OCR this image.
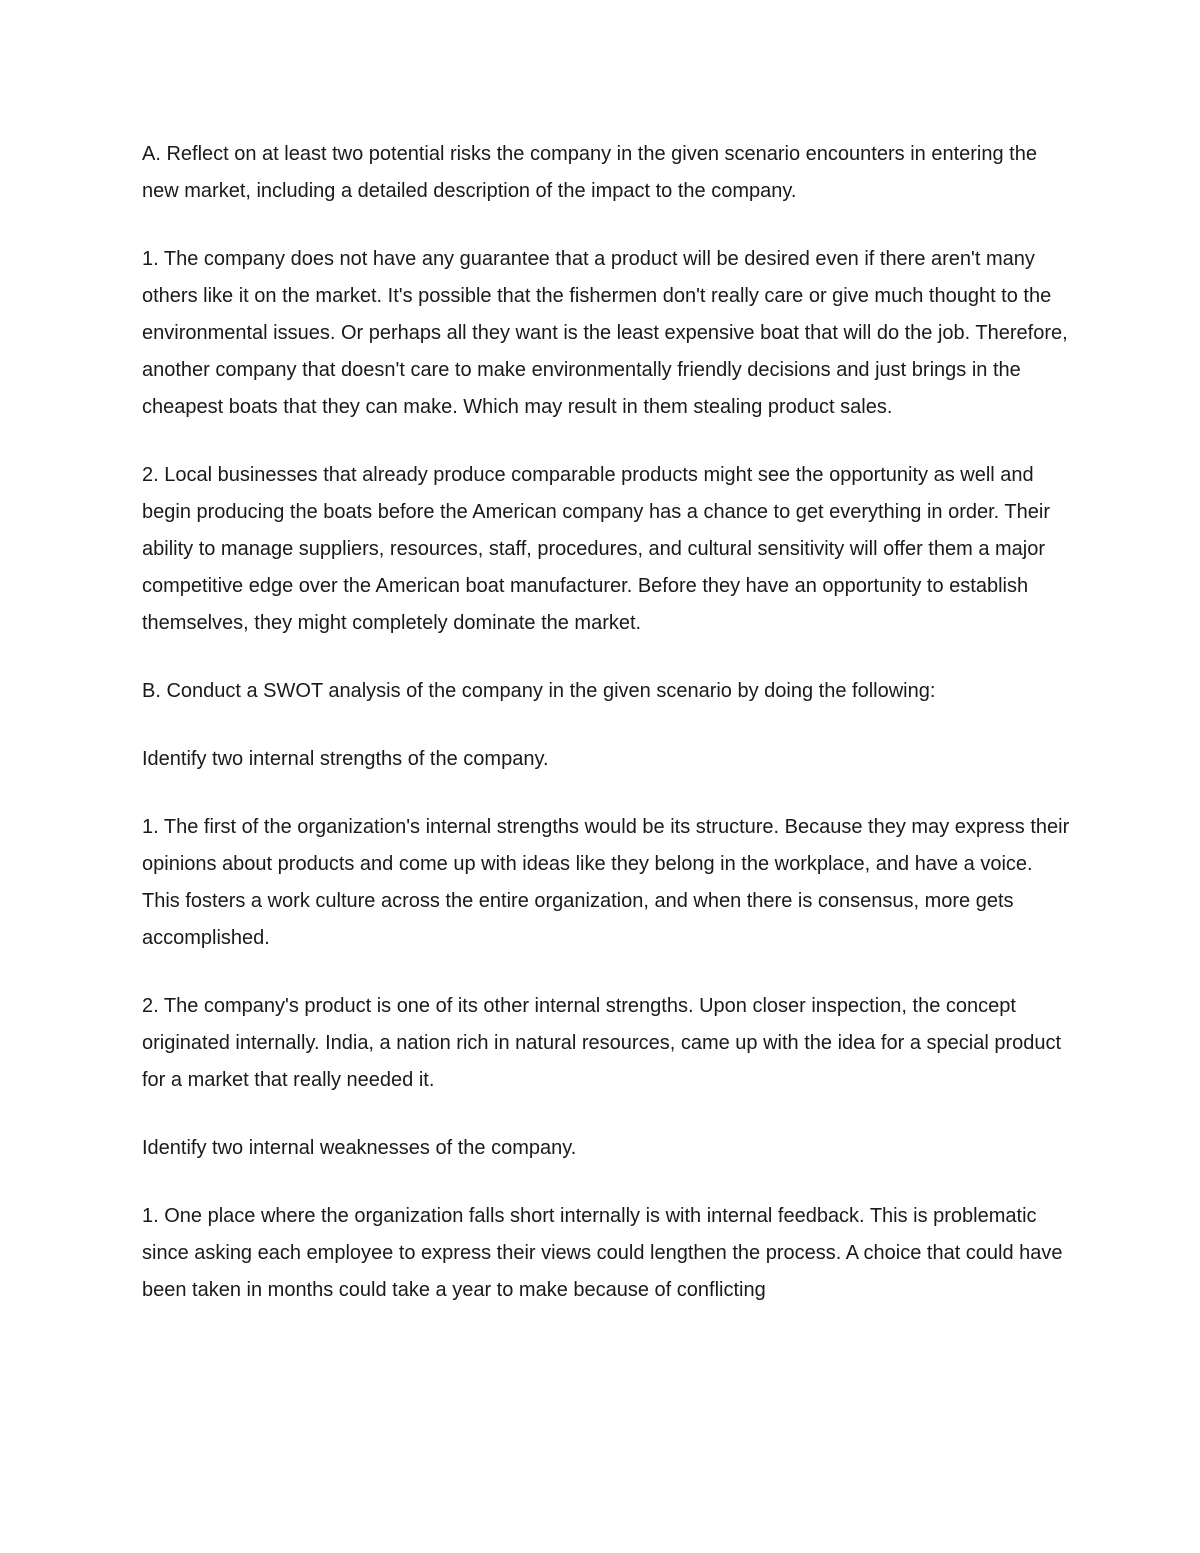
A. Reflect on at least two potential risks the company in the given scenario encounters in entering the new market, including a detailed description of the impact to the company.

1. The company does not have any guarantee that a product will be desired even if there aren't many others like it on the market. It's possible that the fishermen don't really care or give much thought to the environmental issues. Or perhaps all they want is the least expensive boat that will do the job. Therefore, another company that doesn't care to make environmentally friendly decisions and just brings in the cheapest boats that they can make. Which may result in them stealing product sales.

2. Local businesses that already produce comparable products might see the opportunity as well and begin producing the boats before the American company has a chance to get everything in order. Their ability to manage suppliers, resources, staff, procedures, and cultural sensitivity will offer them a major competitive edge over the American boat manufacturer. Before they have an opportunity to establish themselves, they might completely dominate the market.

B. Conduct a SWOT analysis of the company in the given scenario by doing the following:

Identify two internal strengths of the company.

1. The first of the organization's internal strengths would be its structure. Because they may express their opinions about products and come up with ideas like they belong in the workplace, and have a voice. This fosters a work culture across the entire organization, and when there is consensus, more gets accomplished.

2. The company's product is one of its other internal strengths. Upon closer inspection, the concept originated internally. India, a nation rich in natural resources, came up with the idea for a special product for a market that really needed it.

Identify two internal weaknesses of the company.

1. One place where the organization falls short internally is with internal feedback. This is problematic since asking each employee to express their views could lengthen the process. A choice that could have been taken in months could take a year to make because of conflicting
